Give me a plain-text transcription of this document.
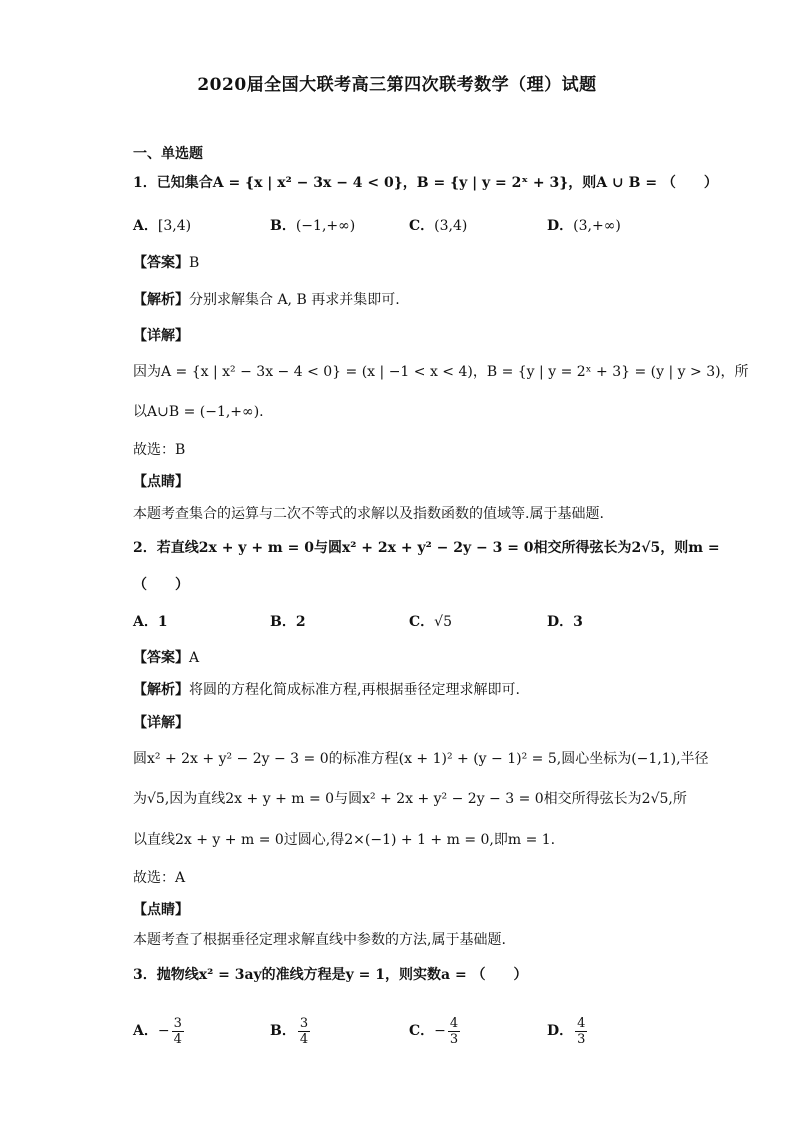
2020届全国大联考高三第四次联考数学（理）试题
一、单选题
1．已知集合A = {x | x² − 3x − 4 < 0}，B = {y | y = 2ˣ + 3}，则A ∪ B = （　　）
A．[3,4)	B．(−1,+∞)	C．(3,4)	D．(3,+∞)
【答案】B
【解析】分别求解集合 A, B 再求并集即可.
【详解】
因为A = {x | x² − 3x − 4 < 0} = (x | −1 < x < 4)，B = {y | y = 2ˣ + 3} = (y | y > 3)，所
以A∪B = (−1,+∞).
故选：B
【点睛】
本题考查集合的运算与二次不等式的求解以及指数函数的值域等.属于基础题.
2．若直线2x + y + m = 0与圆x² + 2x + y² − 2y − 3 = 0相交所得弦长为2√5，则m =
（　　）
A．1	B．2	C．√5	D．3
【答案】A
【解析】将圆的方程化简成标准方程,再根据垂径定理求解即可.
【详解】
圆x² + 2x + y² − 2y − 3 = 0的标准方程(x + 1)² + (y − 1)² = 5,圆心坐标为(−1,1),半径
为√5,因为直线2x + y + m = 0与圆x² + 2x + y² − 2y − 3 = 0相交所得弦长为2√5,所
以直线2x + y + m = 0过圆心,得2×(−1) + 1 + m = 0,即m = 1.
故选：A
【点睛】
本题考查了根据垂径定理求解直线中参数的方法,属于基础题.
3．抛物线x² = 3ay的准线方程是y = 1，则实数a = （　　）
A．− $\frac{3}{4}$	B． $\frac{3}{4}$	C．− $\frac{4}{3}$	D． $\frac{4}{3}$
